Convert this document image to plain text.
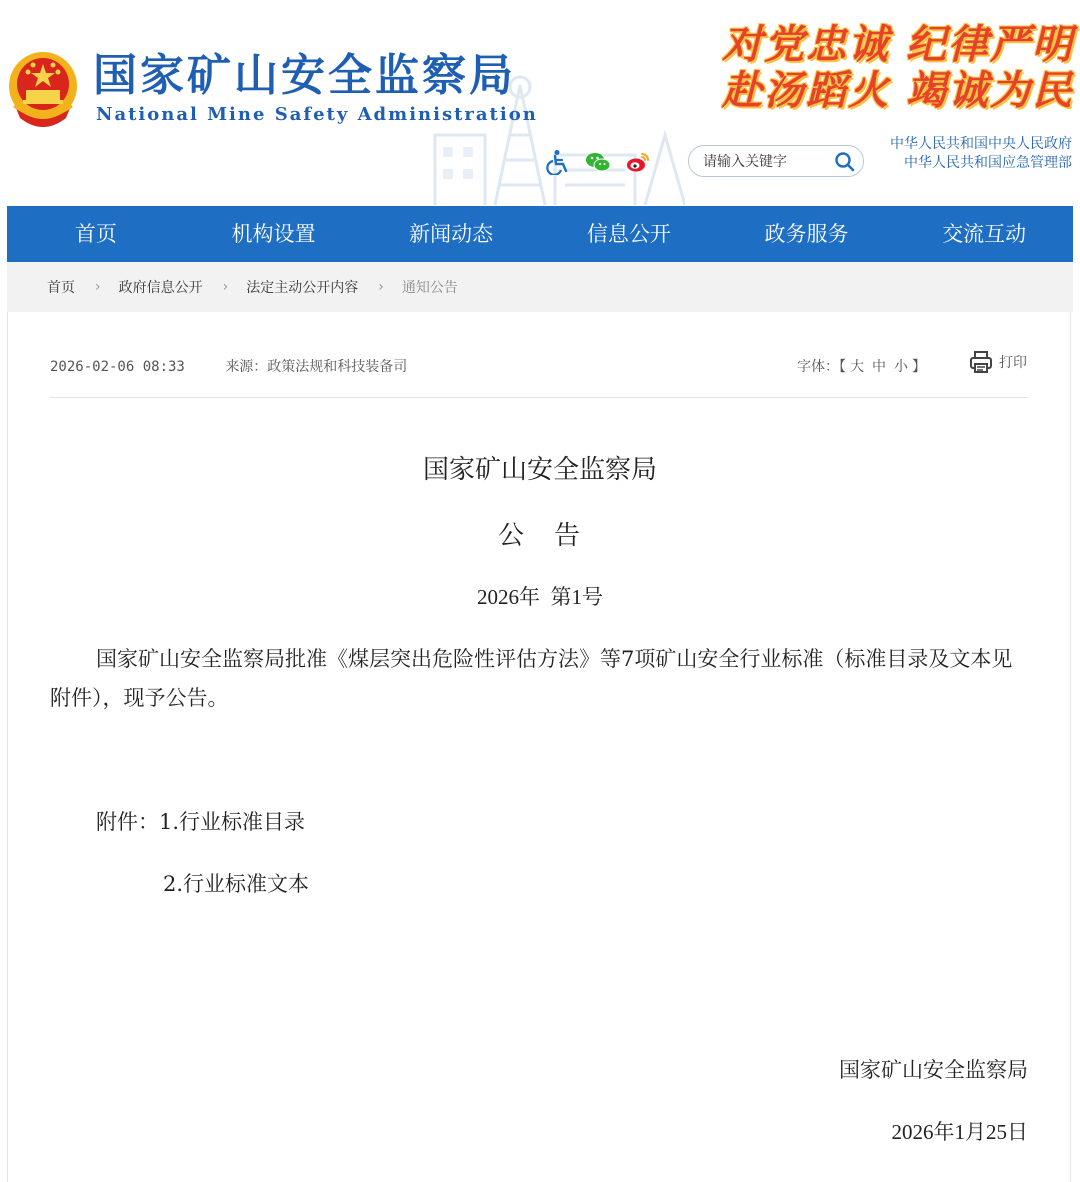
国家矿山安全监察局
National Mine Safety Administration
对党忠诚 纪律严明
赴汤蹈火 竭诚为民
请输入关键字
中华人民共和国中央人民政府
中华人民共和国应急管理部
首页	机构设置	新闻动态	信息公开	政务服务	交流互动
首页 › 政府信息公开 › 法定主动公开内容 › 通知公告
2026-02-06 08:33	来源：政策法规和科技装备司	字体：【 大 中 小 】	打印
国家矿山安全监察局
公　告
2026年  第1号
国家矿山安全监察局批准《煤层突出危险性评估方法》等7项矿山安全行业标准（标准目录及文本见附件），现予公告。
附件：1.行业标准目录
2.行业标准文本
国家矿山安全监察局
2026年1月25日
